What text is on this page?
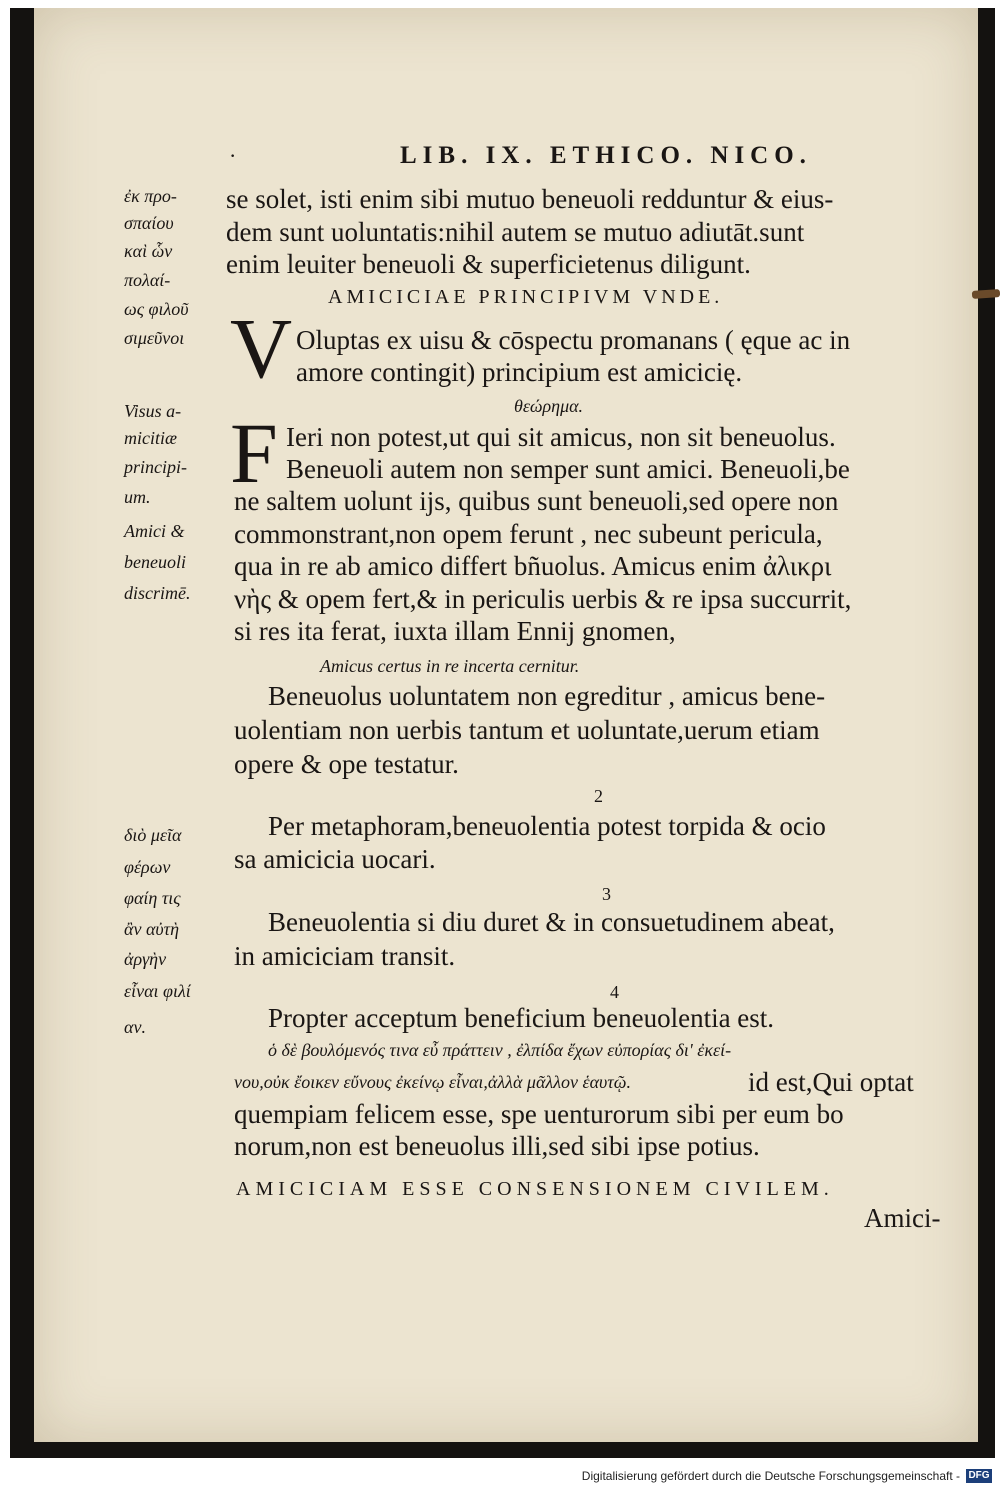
·	LIB. IX. ETHICO. NICO.
ἐκ προ-
σπαίου
καὶ ὧν
πολαί-
ως φιλοῦ
σιμεῦνοι
Visus a-
micitiæ
principi-
um.
Amici &
beneuoli
discrimē.
διὸ μεῖα
φέρων
φαίη τις
ἂν αὐτὴ
ἀργὴν
εἶναι φιλί
αν.
se solet, isti enim sibi mutuo beneuoli redduntur & eius-
dem sunt uoluntatis:nihil autem se mutuo adiutāt.sunt
enim leuiter beneuoli & superficietenus diligunt.
AMICICIAE PRINCIPIVM VNDE.
V Oluptas ex uisu & cōspectu promanans ( ęque ac in
amore contingit) principium est amicicię.
θεώρημα.
F Ieri non potest,ut qui sit amicus, non sit beneuolus.
Beneuoli autem non semper sunt amici. Beneuoli,be
ne saltem uolunt ijs, quibus sunt beneuoli,sed opere non
commonstrant,non opem ferunt , nec subeunt pericula,
qua in re ab amico differt bñuolus. Amicus enim ἀλικρι
νὴς & opem fert,& in periculis uerbis & re ipsa succurrit,
si res ita ferat, iuxta illam Ennij gnomen,
Amicus certus in re incerta cernitur.
Beneuolus uoluntatem non egreditur , amicus bene-
uolentiam non uerbis tantum et uoluntate,uerum etiam
opere & ope testatur.
2
Per metaphoram,beneuolentia potest torpida & ocio
sa amicicia uocari.
3
Beneuolentia si diu duret & in consuetudinem abeat,
in amiciciam transit.
4
Propter acceptum beneficium beneuolentia est.
ὁ δὲ βουλόμενός τινα εὖ πράττειν , ἐλπίδα ἔχων εὐπορίας δι' ἐκεί-
νου,οὐκ ἔοικεν εὔνους ἐκείνῳ εἶναι,ἀλλὰ μᾶλλον ἑαυτῷ.	id est,Qui optat
quempiam felicem esse, spe uenturorum sibi per eum bo
norum,non est beneuolus illi,sed sibi ipse potius.
AMICICIAM ESSE CONSENSIONEM CIVILEM.
Amici-
Digitalisierung gefördert durch die Deutsche Forschungsgemeinschaft - DFG
